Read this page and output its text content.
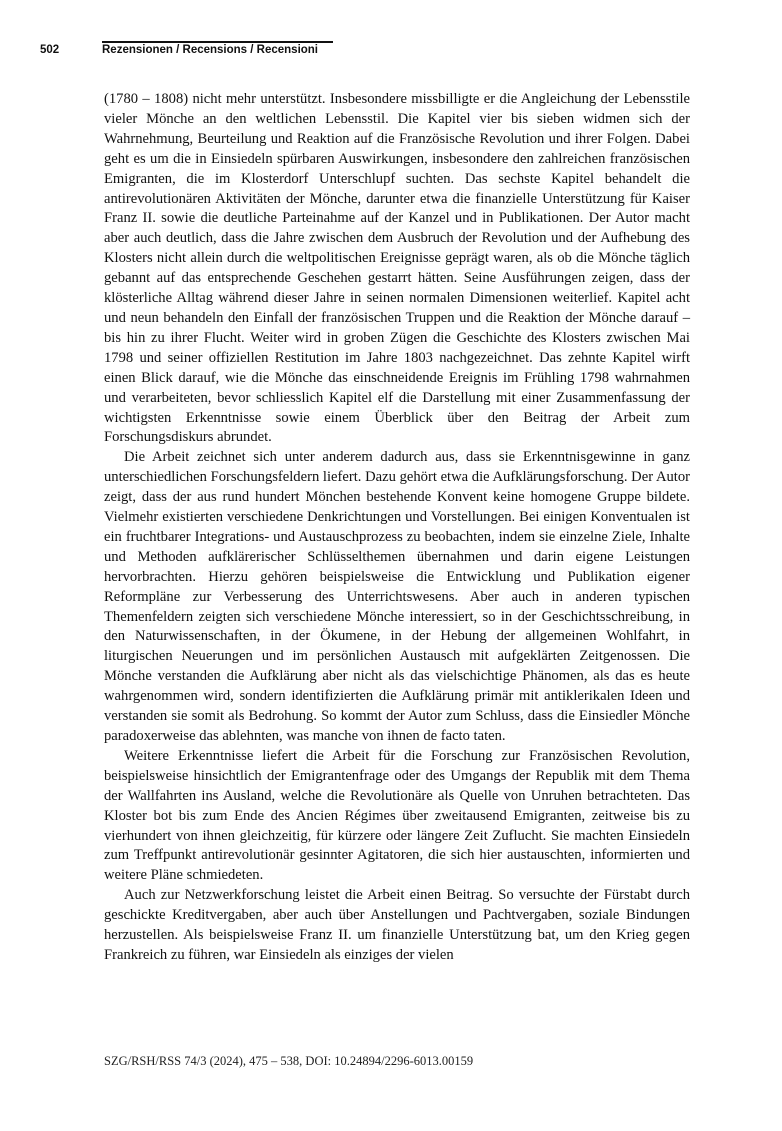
502	Rezensionen / Recensions / Recensioni

(1780 – 1808) nicht mehr unterstützt. Insbesondere missbilligte er die Angleichung der Lebensstile vieler Mönche an den weltlichen Lebensstil. Die Kapitel vier bis sieben widmen sich der Wahrnehmung, Beurteilung und Reaktion auf die Französische Revolution und ihrer Folgen. Dabei geht es um die in Einsiedeln spürbaren Auswirkungen, insbesondere den zahlreichen französischen Emigranten, die im Klosterdorf Unterschlupf suchten. Das sechste Kapitel behandelt die antirevolutionären Aktivitäten der Mönche, darunter etwa die finanzielle Unterstützung für Kaiser Franz II. sowie die deutliche Parteinahme auf der Kanzel und in Publikationen. Der Autor macht aber auch deutlich, dass die Jahre zwischen dem Ausbruch der Revolution und der Aufhebung des Klosters nicht allein durch die weltpolitischen Ereignisse geprägt waren, als ob die Mönche täglich gebannt auf das entsprechende Geschehen gestarrt hätten. Seine Ausführungen zeigen, dass der klösterliche Alltag während dieser Jahre in seinen normalen Dimensionen weiterlief. Kapitel acht und neun behandeln den Einfall der französischen Truppen und die Reaktion der Mönche darauf – bis hin zu ihrer Flucht. Weiter wird in groben Zügen die Geschichte des Klosters zwischen Mai 1798 und seiner offiziellen Restitution im Jahre 1803 nachgezeichnet. Das zehnte Kapitel wirft einen Blick darauf, wie die Mönche das einschneidende Ereignis im Frühling 1798 wahrnahmen und verarbeiteten, bevor schliesslich Kapitel elf die Darstellung mit einer Zusammenfassung der wichtigsten Erkenntnisse sowie einem Überblick über den Beitrag der Arbeit zum Forschungsdiskurs abrundet.

Die Arbeit zeichnet sich unter anderem dadurch aus, dass sie Erkenntnisgewinne in ganz unterschiedlichen Forschungsfeldern liefert. Dazu gehört etwa die Aufklärungsforschung. Der Autor zeigt, dass der aus rund hundert Mönchen bestehende Konvent keine homogene Gruppe bildete. Vielmehr existierten verschiedene Denkrichtungen und Vorstellungen. Bei einigen Konventualen ist ein fruchtbarer Integrations- und Austauschprozess zu beobachten, indem sie einzelne Ziele, Inhalte und Methoden aufklärerischer Schlüsselthemen übernahmen und darin eigene Leistungen hervorbrachten. Hierzu gehören beispielsweise die Entwicklung und Publikation eigener Reformpläne zur Verbesserung des Unterrichtswesens. Aber auch in anderen typischen Themenfeldern zeigten sich verschiedene Mönche interessiert, so in der Geschichtsschreibung, in den Naturwissenschaften, in der Ökumene, in der Hebung der allgemeinen Wohlfahrt, in liturgischen Neuerungen und im persönlichen Austausch mit aufgeklärten Zeitgenossen. Die Mönche verstanden die Aufklärung aber nicht als das vielschichtige Phänomen, als das es heute wahrgenommen wird, sondern identifizierten die Aufklärung primär mit antiklerikalen Ideen und verstanden sie somit als Bedrohung. So kommt der Autor zum Schluss, dass die Einsiedler Mönche paradoxerweise das ablehnten, was manche von ihnen de facto taten.

Weitere Erkenntnisse liefert die Arbeit für die Forschung zur Französischen Revolution, beispielsweise hinsichtlich der Emigrantenfrage oder des Umgangs der Republik mit dem Thema der Wallfahrten ins Ausland, welche die Revolutionäre als Quelle von Unruhen betrachteten. Das Kloster bot bis zum Ende des Ancien Régimes über zweitausend Emigranten, zeitweise bis zu vierhundert von ihnen gleichzeitig, für kürzere oder längere Zeit Zuflucht. Sie machten Einsiedeln zum Treffpunkt antirevolutionär gesinnter Agitatoren, die sich hier austauschten, informierten und weitere Pläne schmiedeten.

Auch zur Netzwerkforschung leistet die Arbeit einen Beitrag. So versuchte der Fürstabt durch geschickte Kreditvergaben, aber auch über Anstellungen und Pachtvergaben, soziale Bindungen herzustellen. Als beispielsweise Franz II. um finanzielle Unterstützung bat, um den Krieg gegen Frankreich zu führen, war Einsiedeln als einziges der vielen

SZG/RSH/RSS 74/3 (2024), 475 – 538, DOI: 10.24894/2296-6013.00159
